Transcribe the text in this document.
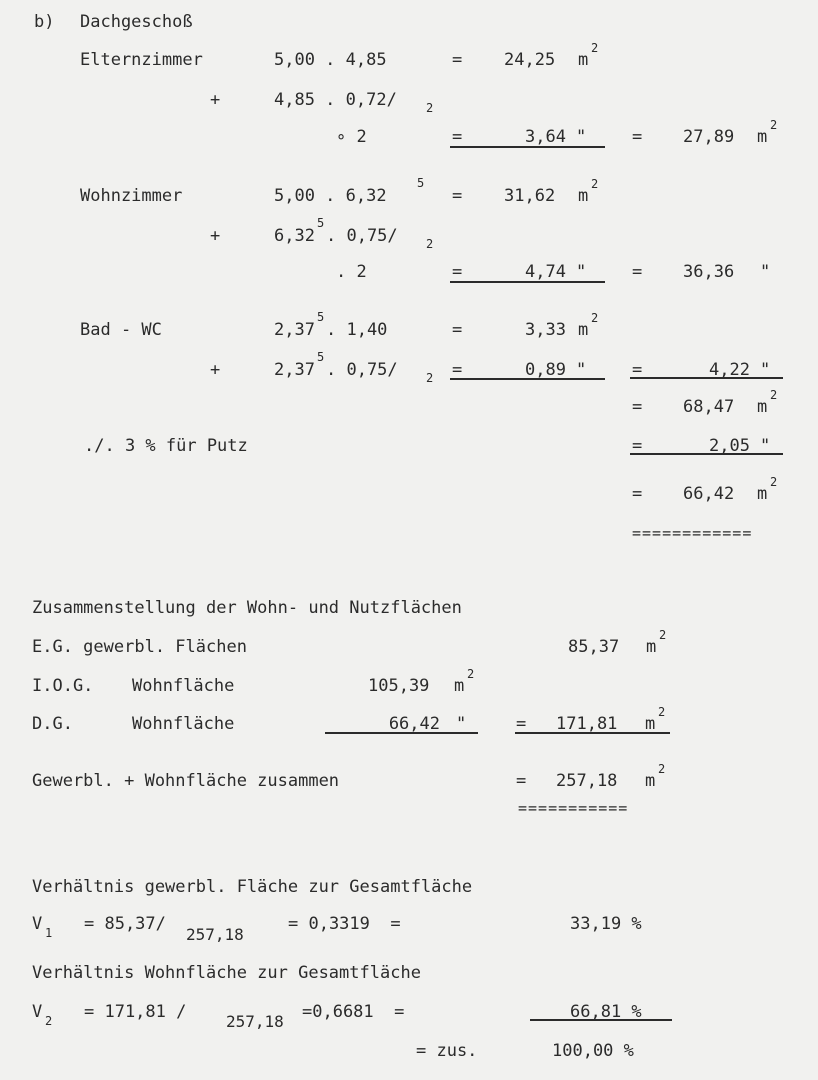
b) Dachgeschoß
Elternzimmer	5,00 . 4,85	= 24,25 m
2
+	4,85 . 0,72/ 2
∘ 2	=	3,64 "	= 27,89 m
2
Wohnzimmer	5,00 . 6,32
5
= 31,62 m
2
+	6,32
5
. 0,75/ 2
. 2	=	4,74 "	= 36,36 "
Bad - WC	2,37
5
. 1,40	=	3,33 m
2
+	2,37
5
. 0,75/ 2 =	0,89 "	=	4,22 "
= 68,47 m
2
./. 3 % für Putz	=	2,05 "
= 66,42 m
2
============
Zusammenstellung der Wohn- und Nutzflächen
E.G. gewerbl. Flächen	85,37 m
2
I.O.G. Wohnfläche	105,39 m
2
D.G.	Wohnfläche	66,42 "	= 171,81 m
2
Gewerbl. + Wohnfläche zusammen	= 257,18 m
2
===========
Verhältnis gewerbl. Fläche zur Gesamtfläche
V 1 = 85,37/
257,18
= 0,3319  =	33,19 %
Verhältnis Wohnfläche zur Gesamtfläche
V 2 = 171,81 / 257,18 =0,6681  =	66,81 %
= zus.	100,00 %
